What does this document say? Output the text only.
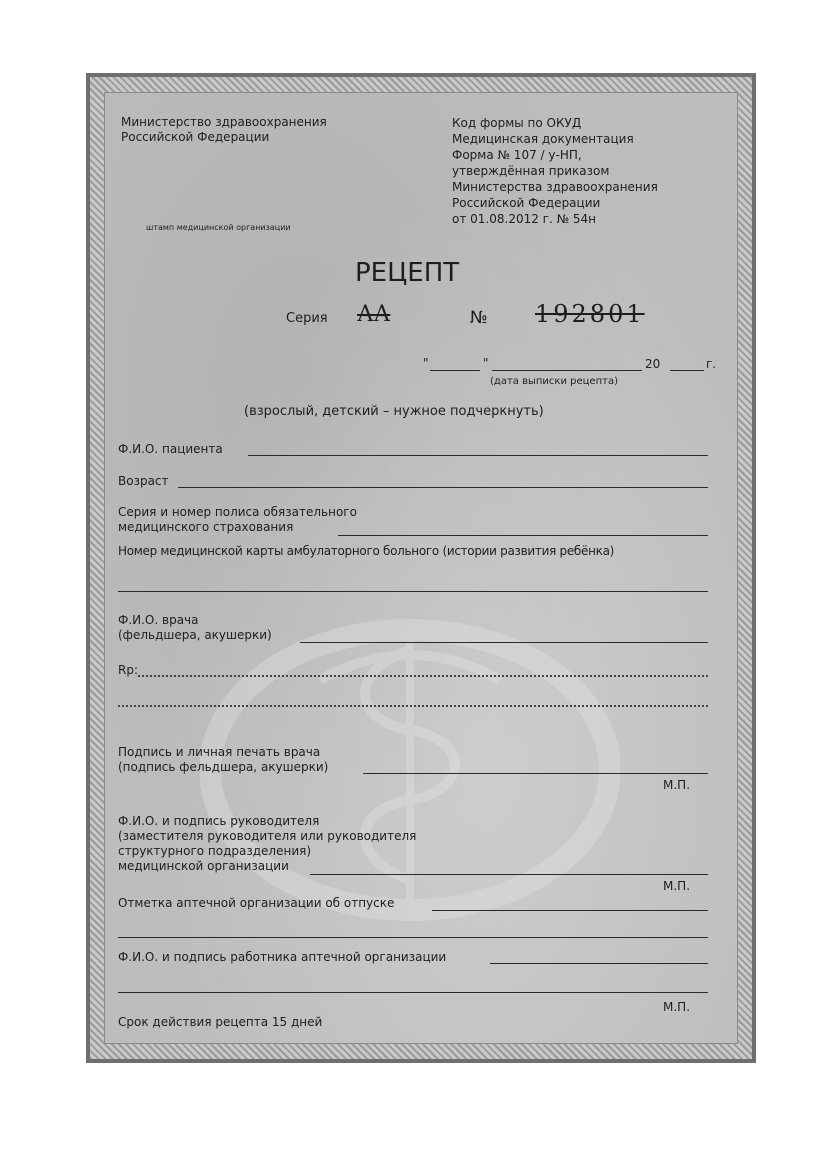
Министерство здравоохранения
Российской Федерации
штамп медицинской организации
Код формы по ОКУД
Медицинская документация
Форма № 107 / у-НП,
утверждённая приказом
Министерства здравоохранения
Российской Федерации
от 01.08.2012 г. № 54н
РЕЦЕПТ
Серия АА	№ 192801
"	"	20	г.
(дата выписки рецепта)
(взрослый, детский – нужное подчеркнуть)
Ф.И.О. пациента
Возраст
Серия и номер полиса обязательного
медицинского страхования
Номер медицинской карты амбулаторного больного (истории развития ребёнка)
Ф.И.О. врача
(фельдшера, акушерки)
Rp:
Подпись и личная печать врача
(подпись фельдшера, акушерки)
М.П.
Ф.И.О. и подпись руководителя
(заместителя руководителя или руководителя
структурного подразделения)
медицинской организации
М.П.
Отметка аптечной организации об отпуске
Ф.И.О. и подпись работника аптечной организации
М.П.
Срок действия рецепта 15 дней
